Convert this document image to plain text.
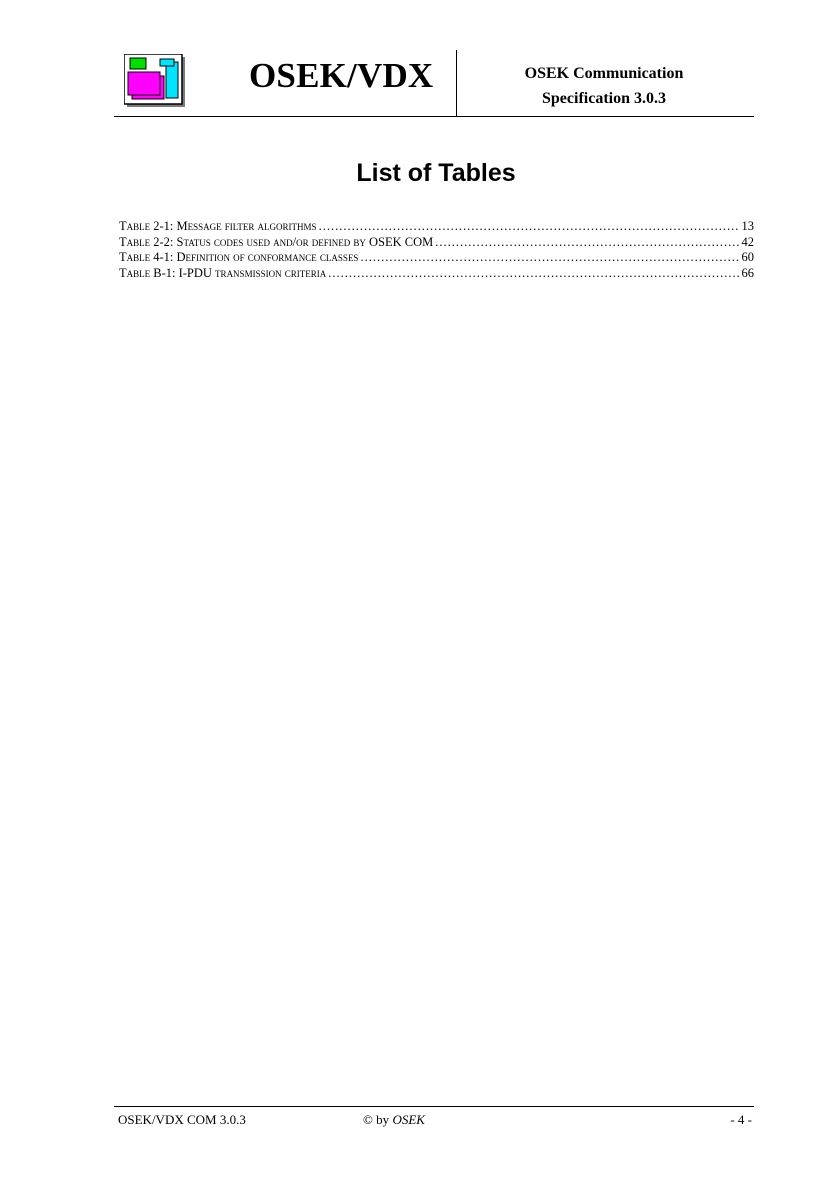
OSEK/VDX	OSEK Communication
Specification 3.0.3
List of Tables
Table 2-1: Message filter algorithms .....	13
Table 2-2: Status codes used and/or defined by OSEK COM .....	42
Table 4-1: Definition of conformance classes .....	60
Table B-1: I-PDU transmission criteria .....	66
OSEK/VDX COM 3.0.3	© by OSEK	- 4 -
